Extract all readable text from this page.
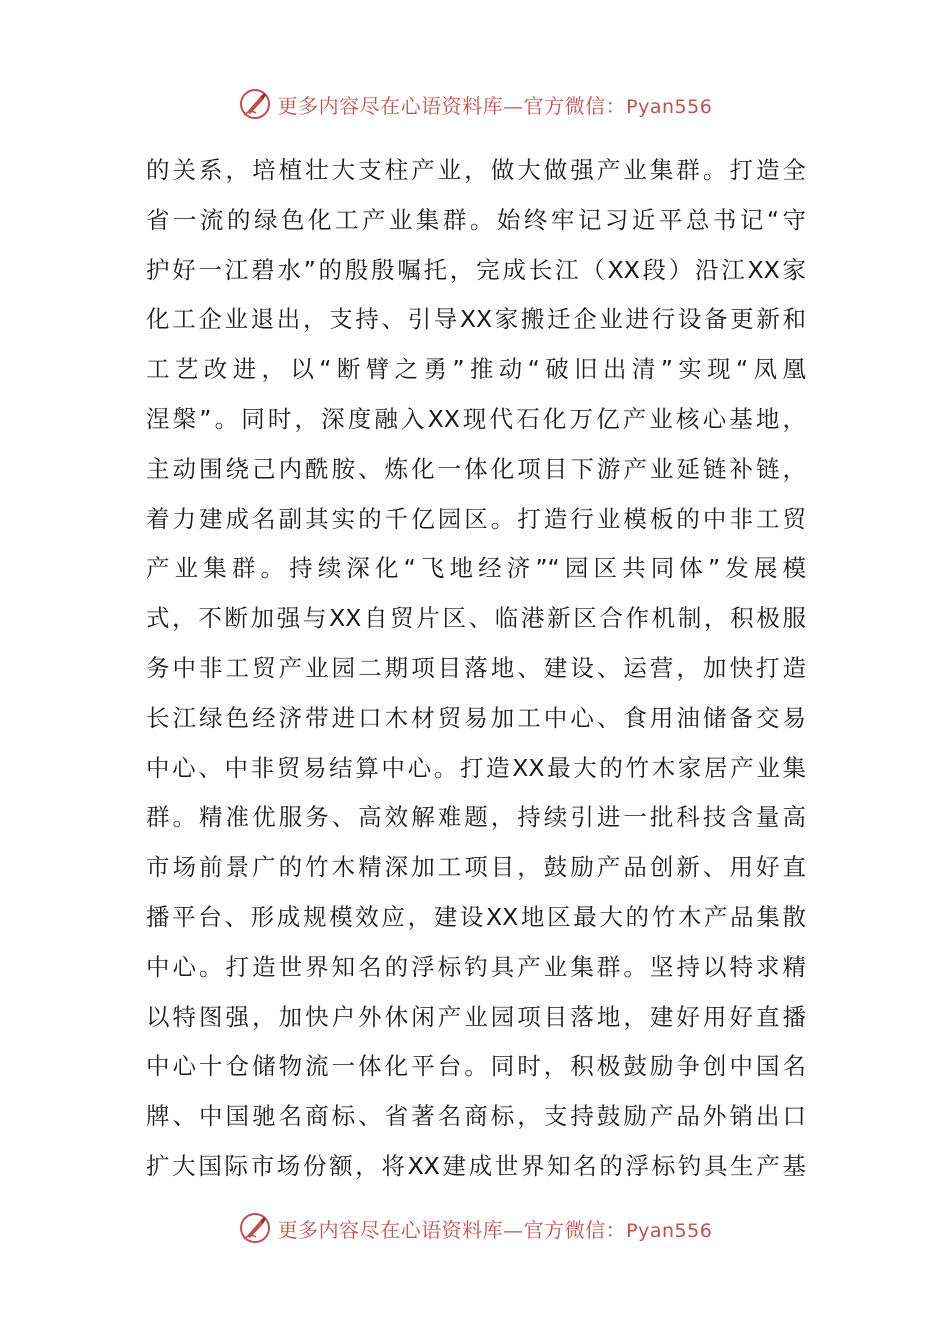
更多内容尽在心语资料库—官方微信：Pyan556
的关系，培植壮大支柱产业，做大做强产业集群。打造全
省一流的绿色化工产业集群。始终牢记习近平总书记“守
护好一江碧水”的殷殷嘱托，完成长江（XX段）沿江XX家
化工企业退出，支持、引导XX家搬迁企业进行设备更新和
工艺改进，以“断臂之勇”推动“破旧出清”实现“凤凰
涅槃”。同时，深度融入XX现代石化万亿产业核心基地，
主动围绕己内酰胺、炼化一体化项目下游产业延链补链，
着力建成名副其实的千亿园区。打造行业模板的中非工贸
产业集群。持续深化“飞地经济”“园区共同体”发展模
式，不断加强与XX自贸片区、临港新区合作机制，积极服
务中非工贸产业园二期项目落地、建设、运营，加快打造
长江绿色经济带进口木材贸易加工中心、食用油储备交易
中心、中非贸易结算中心。打造XX最大的竹木家居产业集
群。精准优服务、高效解难题，持续引进一批科技含量高
市场前景广的竹木精深加工项目，鼓励产品创新、用好直
播平台、形成规模效应，建设XX地区最大的竹木产品集散
中心。打造世界知名的浮标钓具产业集群。坚持以特求精
以特图强，加快户外休闲产业园项目落地，建好用好直播
中心十仓储物流一体化平台。同时，积极鼓励争创中国名
牌、中国驰名商标、省著名商标，支持鼓励产品外销出口
扩大国际市场份额，将XX建成世界知名的浮标钓具生产基
更多内容尽在心语资料库—官方微信：Pyan556
